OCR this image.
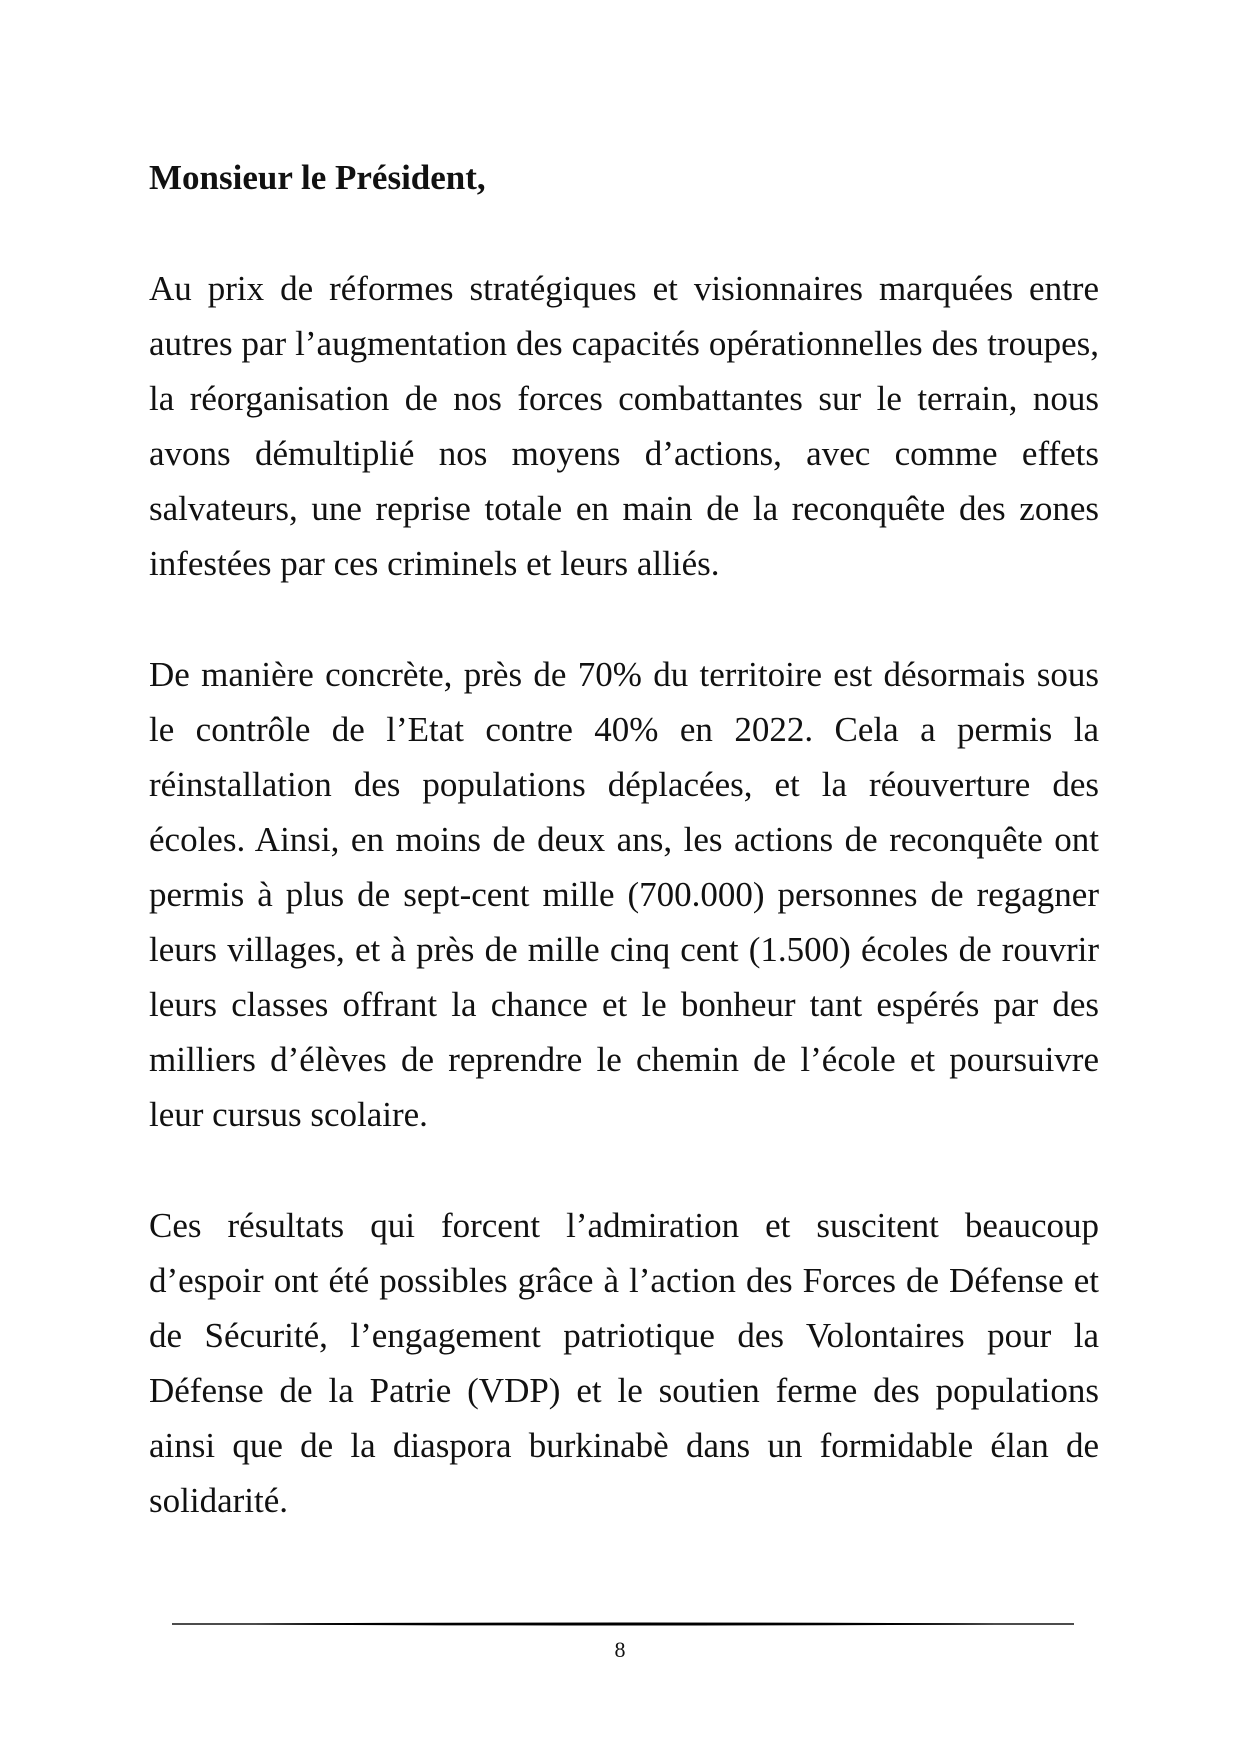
Monsieur le Président,

Au prix de réformes stratégiques et visionnaires marquées entre autres par l’augmentation des capacités opérationnelles des troupes, la réorganisation de nos forces combattantes sur le terrain, nous avons démultiplié nos moyens d’actions, avec comme effets salvateurs, une reprise totale en main de la reconquête des zones infestées par ces criminels et leurs alliés.

De manière concrète, près de 70% du territoire est désormais sous le contrôle de l’Etat contre 40% en 2022. Cela a permis la réinstallation des populations déplacées, et la réouverture des écoles. Ainsi, en moins de deux ans, les actions de reconquête ont permis à plus de sept-cent mille (700.000) personnes de regagner leurs villages, et à près de mille cinq cent (1.500) écoles de rouvrir leurs classes offrant la chance et le bonheur tant espérés par des milliers d’élèves de reprendre le chemin de l’école et poursuivre leur cursus scolaire.

Ces résultats qui forcent l’admiration et suscitent beaucoup d’espoir ont été possibles grâce à l’action des Forces de Défense et de Sécurité, l’engagement patriotique des Volontaires pour la Défense de la Patrie (VDP) et le soutien ferme des populations ainsi que de la diaspora burkinabè dans un formidable élan de solidarité.

8
